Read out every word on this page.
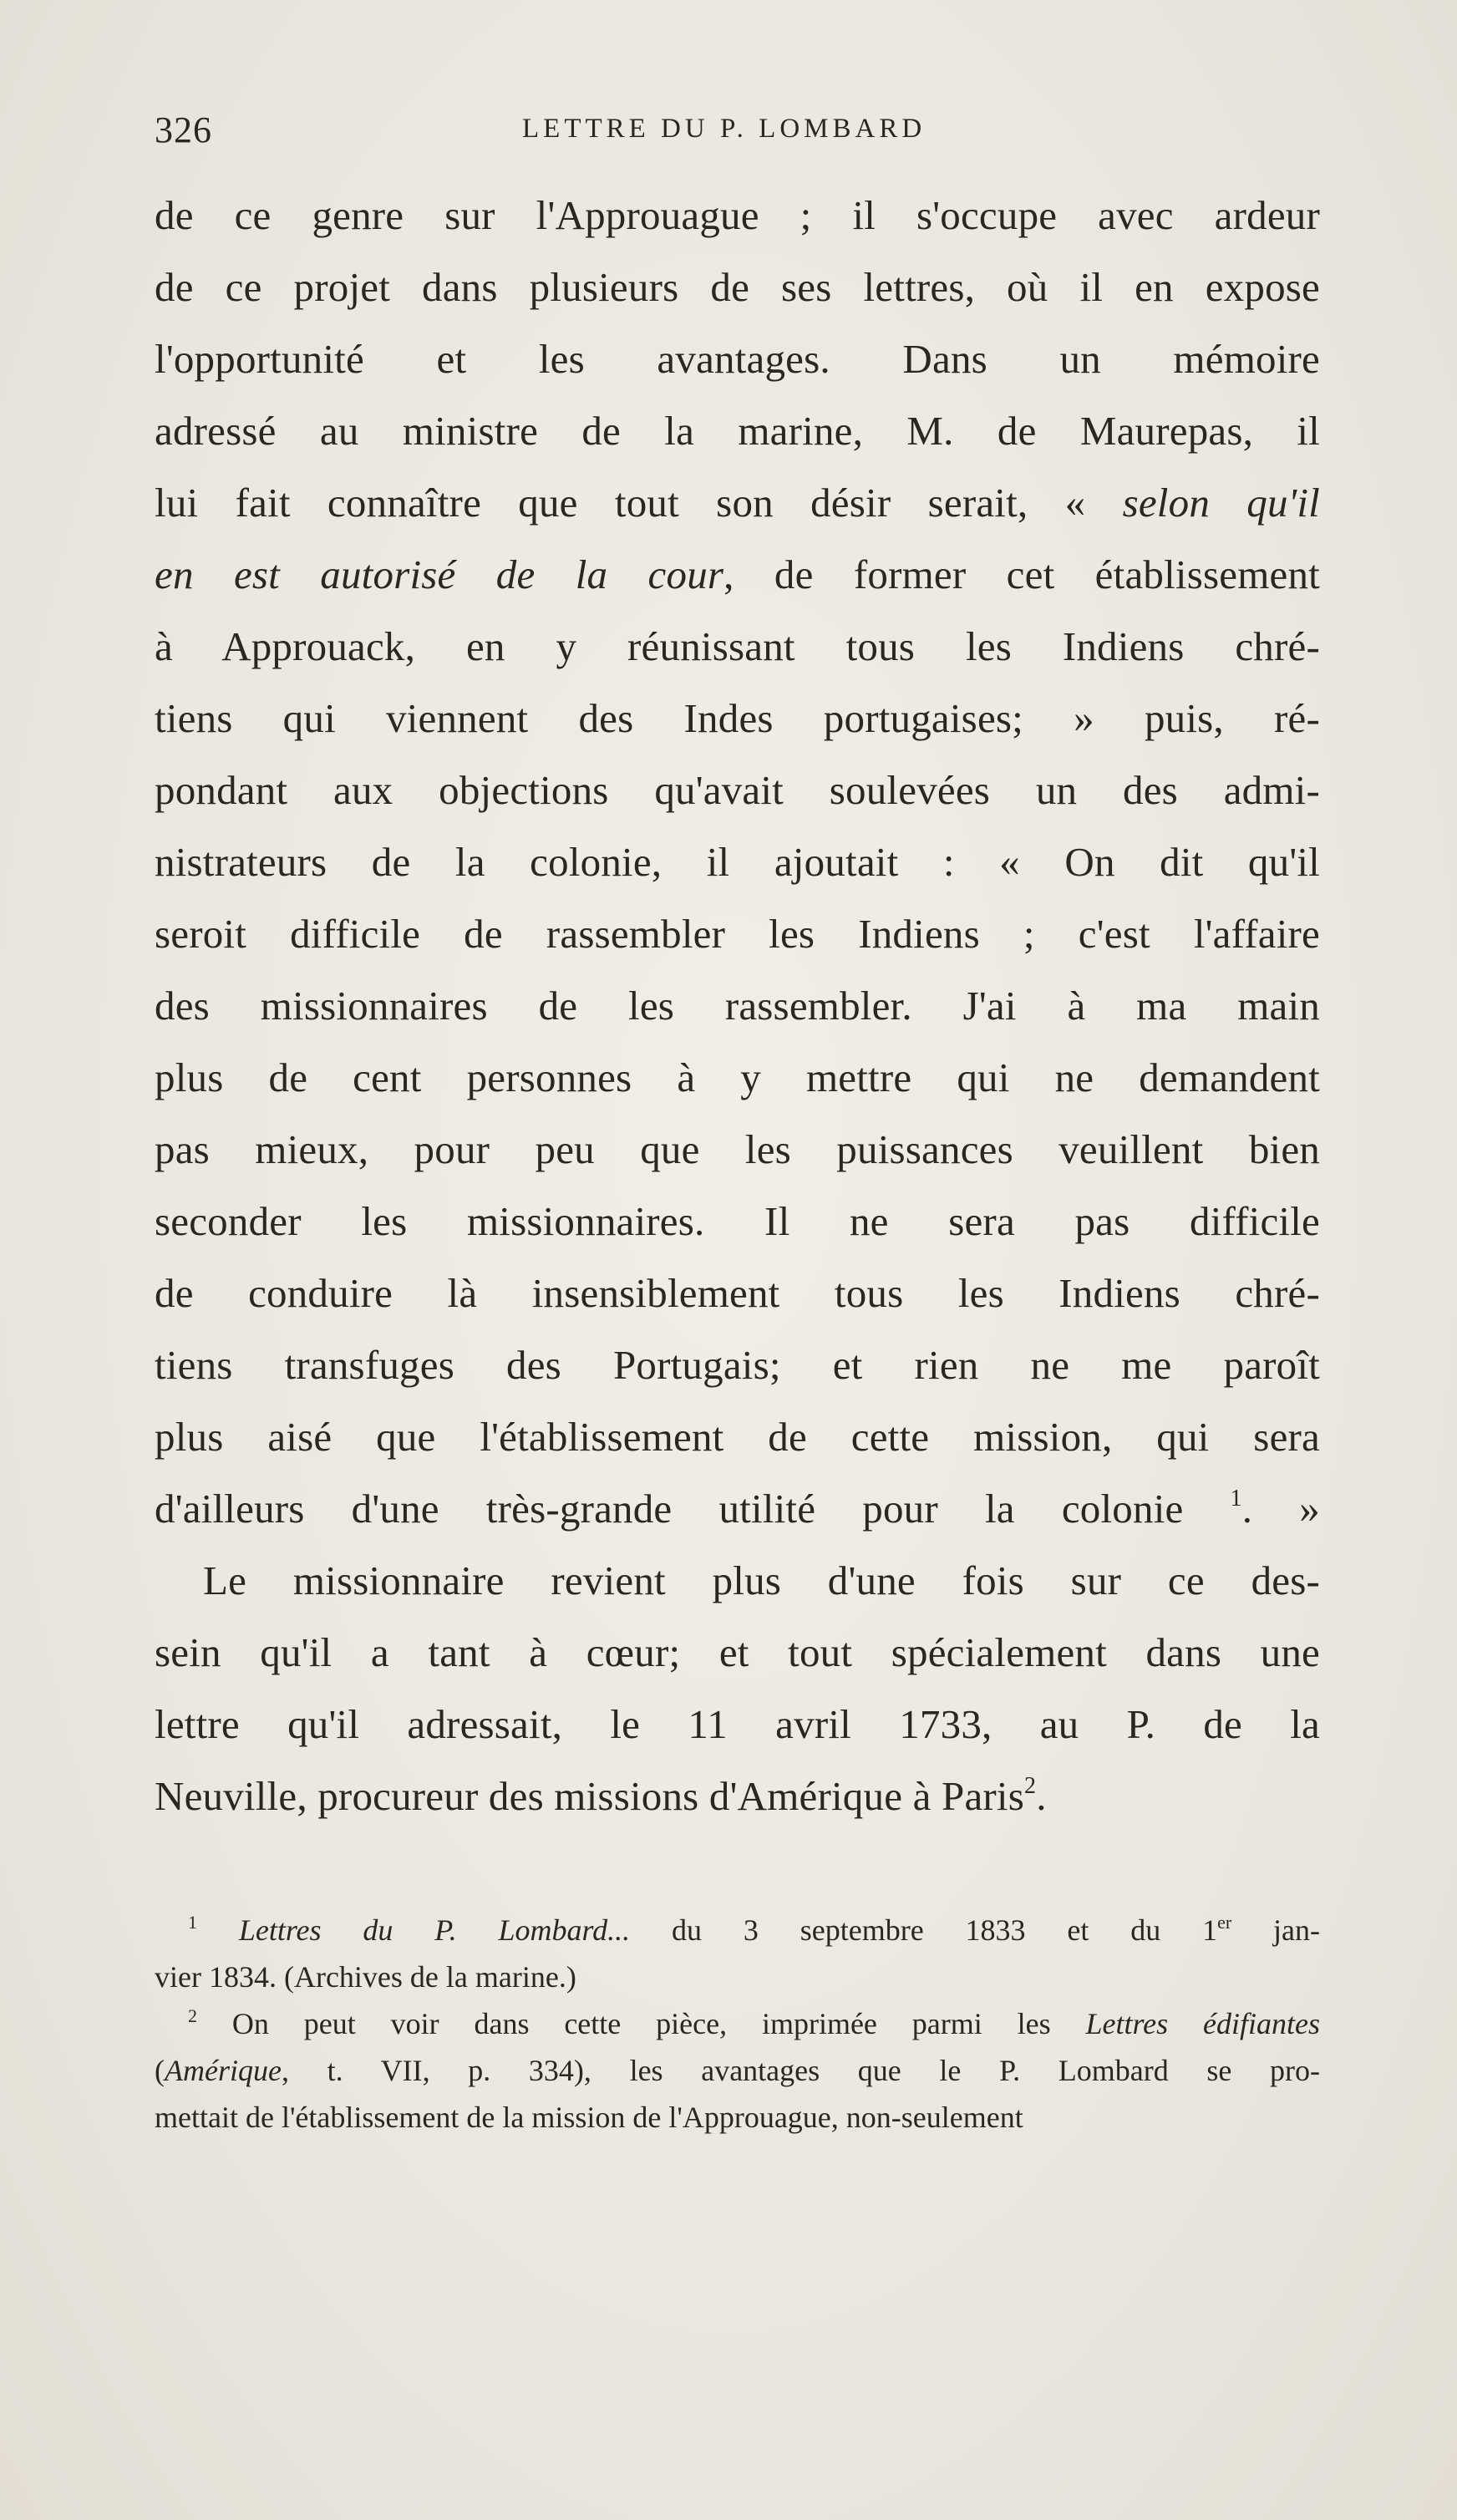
326	LETTRE DU P. LOMBARD
de ce genre sur l'Approuague ; il s'occupe avec ardeur
de ce projet dans plusieurs de ses lettres, où il en expose
l'opportunité et les avantages. Dans un mémoire
adressé au ministre de la marine, M. de Maurepas, il
lui fait connaître que tout son désir serait, « selon qu'il
en est autorisé de la cour, de former cet établissement
à Approuack, en y réunissant tous les Indiens chré-
tiens qui viennent des Indes portugaises; » puis, ré-
pondant aux objections qu'avait soulevées un des admi-
nistrateurs de la colonie, il ajoutait : « On dit qu'il
seroit difficile de rassembler les Indiens ; c'est l'affaire
des missionnaires de les rassembler. J'ai à ma main
plus de cent personnes à y mettre qui ne demandent
pas mieux, pour peu que les puissances veuillent bien
seconder les missionnaires. Il ne sera pas difficile
de conduire là insensiblement tous les Indiens chré-
tiens transfuges des Portugais; et rien ne me paroît
plus aisé que l'établissement de cette mission, qui sera
d'ailleurs d'une très-grande utilité pour la colonie $^1$. »
Le missionnaire revient plus d'une fois sur ce des-
sein qu'il a tant à cœur; et tout spécialement dans une
lettre qu'il adressait, le 11 avril 1733, au P. de la
Neuville, procureur des missions d'Amérique à Paris$^2$.
$^1$ Lettres du P. Lombard... du 3 septembre 1833 et du 1er jan-
vier 1834. (Archives de la marine.)
$^2$ On peut voir dans cette pièce, imprimée parmi les Lettres édifiantes
(Amérique, t. VII, p. 334), les avantages que le P. Lombard se pro-
mettait de l'établissement de la mission de l'Approuague, non-seulement
